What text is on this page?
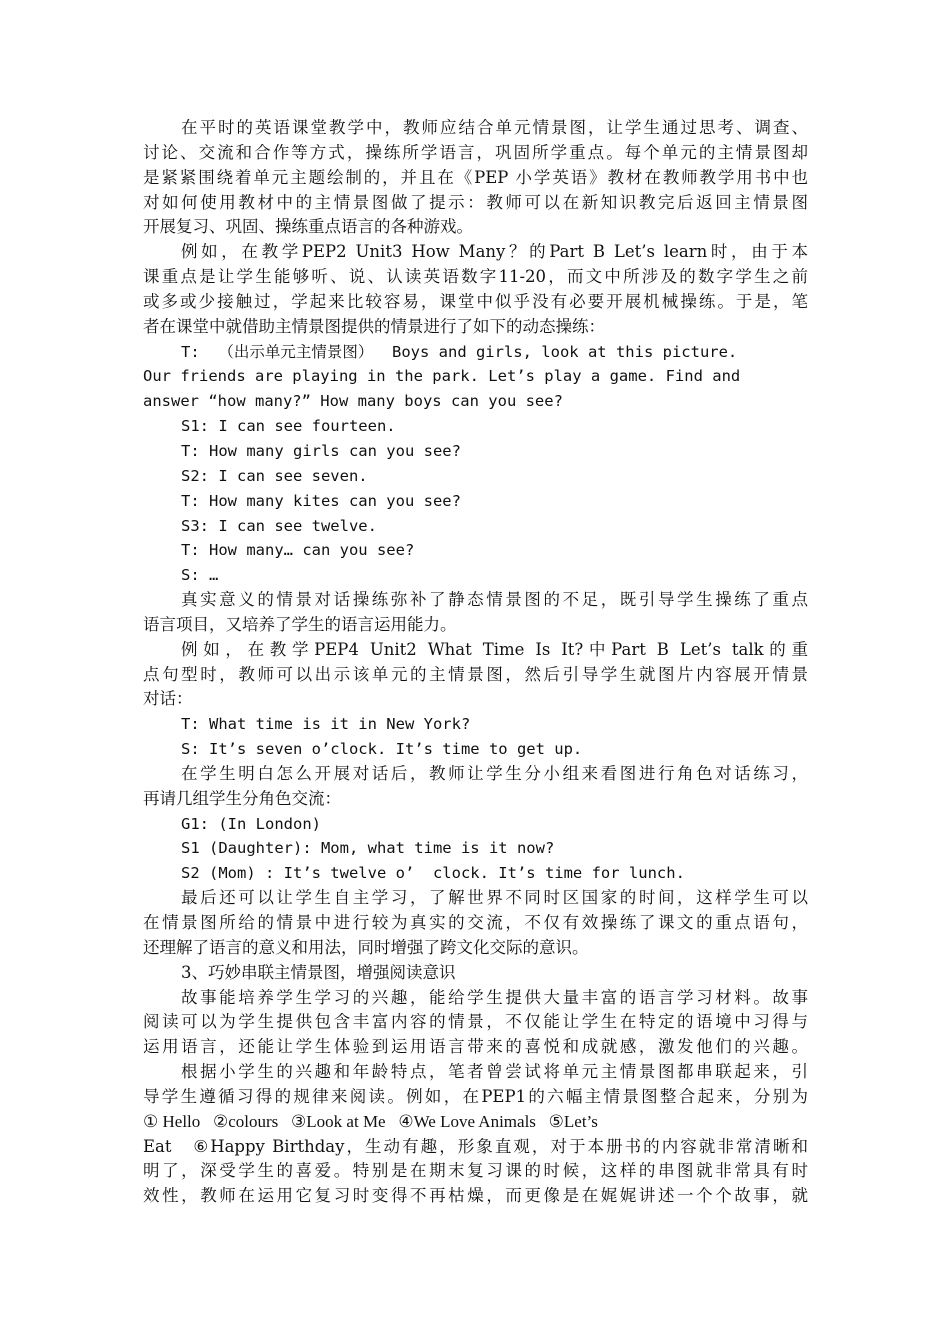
在平时的英语课堂教学中，教师应结合单元情景图，让学生通过思考、调查、
讨论、交流和合作等方式，操练所学语言，巩固所学重点。每个单元的主情景图却
是紧紧围绕着单元主题绘制的，并且在《PEP 小学英语》教材在教师教学用书中也
对如何使用教材中的主情景图做了提示：教师可以在新知识教完后返回主情景图
开展复习、巩固、操练重点语言的各种游戏。
例如，在教学PEP2 Unit3 How Many？的Part B Let’s learn时，由于本
课重点是让学生能够听、说、认读英语数字11-20，而文中所涉及的数字学生之前
或多或少接触过，学起来比较容易，课堂中似乎没有必要开展机械操练。于是，笔
者在课堂中就借助主情景图提供的情景进行了如下的动态操练：
T:  （出示单元主情景图）  Boys and girls, look at this picture.
Our friends are playing in the park. Let’s play a game. Find and
answer “how many?” How many boys can you see?
S1: I can see fourteen.
T: How many girls can you see?
S2: I can see seven.
T: How many kites can you see?
S3: I can see twelve.
T: How many… can you see?
S: …
真实意义的情景对话操练弥补了静态情景图的不足，既引导学生操练了重点
语言项目，又培养了学生的语言运用能力。
例如，在教学PEP4 Unit2 What Time Is It?中Part B Let’s talk的重
点句型时，教师可以出示该单元的主情景图，然后引导学生就图片内容展开情景
对话：
T: What time is it in New York?
S: It’s seven o’clock. It’s time to get up.
在学生明白怎么开展对话后，教师让学生分小组来看图进行角色对话练习，
再请几组学生分角色交流：
G1: (In London)
S1 (Daughter): Mom, what time is it now?
S2 (Mom) : It’s twelve o’  clock. It’s time for lunch.
最后还可以让学生自主学习，了解世界不同时区国家的时间，这样学生可以
在情景图所给的情景中进行较为真实的交流，不仅有效操练了课文的重点语句，
还理解了语言的意义和用法，同时增强了跨文化交际的意识。
3、巧妙串联主情景图，增强阅读意识
故事能培养学生学习的兴趣，能给学生提供大量丰富的语言学习材料。故事
阅读可以为学生提供包含丰富内容的情景，不仅能让学生在特定的语境中习得与
运用语言，还能让学生体验到运用语言带来的喜悦和成就感，激发他们的兴趣。
根据小学生的兴趣和年龄特点，笔者曾尝试将单元主情景图都串联起来，引
导学生遵循习得的规律来阅读。例如，在PEP1的六幅主情景图整合起来，分别为
① Hello   ②colours   ③Look at Me   ④We Love Animals   ⑤Let’s
Eat   ⑥Happy Birthday，生动有趣，形象直观，对于本册书的内容就非常清晰和
明了，深受学生的喜爱。特别是在期末复习课的时候，这样的串图就非常具有时
效性，教师在运用它复习时变得不再枯燥，而更像是在娓娓讲述一个个故事，就
